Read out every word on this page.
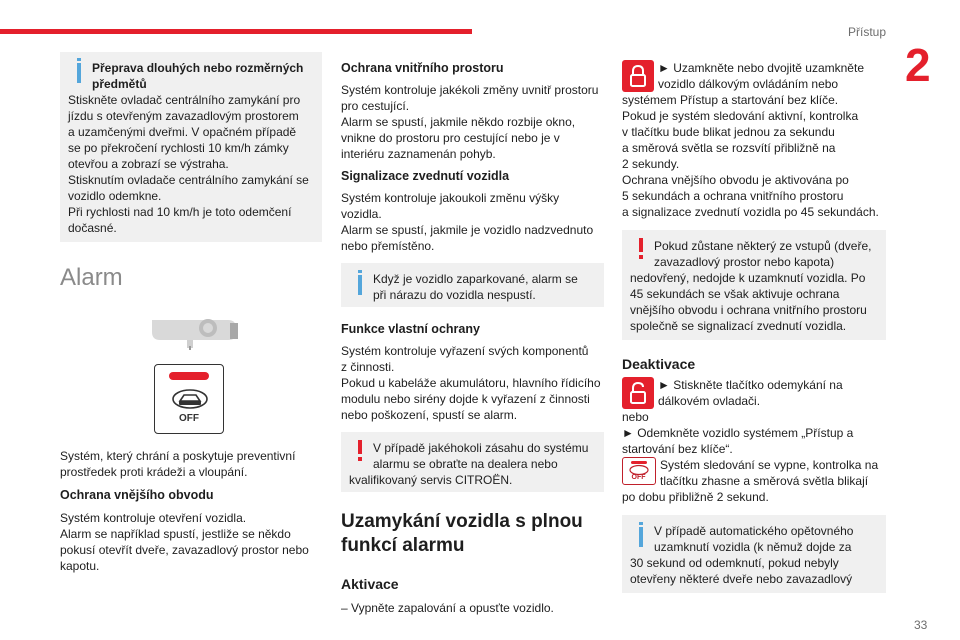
Přístup
2
33
Přeprava dlouhých nebo rozměrných předmětů

Stiskněte ovladač centrálního zamykání pro

jízdu s otevřeným zavazadlovým prostorem

a uzamčenými dveřmi. V opačném případě

se po překročení rychlosti 10 km/h zámky

otevřou a zobrazí se výstraha.

Stisknutím ovladače centrálního zamykání se

vozidlo odemkne.

Při rychlosti nad 10 km/h je toto odemčení

dočasné.

Alarm
OFF

Systém, který chrání a poskytuje preventivní

prostředek proti krádeži a vloupání.

Ochrana vnějšího obvodu

Systém kontroluje otevření vozidla.

Alarm se například spustí, jestliže se někdo

pokusí otevřít dveře, zavazadlový prostor nebo

kapotu.

Ochrana vnitřního prostoru

Systém kontroluje jakékoli změny uvnitř prostoru

pro cestující.

Alarm se spustí, jakmile někdo rozbije okno,

vnikne do prostoru pro cestující nebo je v

interiéru zaznamenán pohyb.

Signalizace zvednutí vozidla

Systém kontroluje jakoukoli změnu výšky

vozidla.

Alarm se spustí, jakmile je vozidlo nadzvednuto

nebo přemístěno.

Když je vozidlo zaparkované, alarm se

při nárazu do vozidla nespustí.

Funkce vlastní ochrany

Systém kontroluje vyřazení svých komponentů

z činnosti.

Pokud u kabeláže akumulátoru, hlavního řídicího

modulu nebo sirény dojde k vyřazení z činnosti

nebo poškození, spustí se alarm.

V případě jakéhokoli zásahu do systému

alarmu se obraťte na dealera nebo

kvalifikovaný servis CITROËN.

Uzamykání vozidla s plnou
funkcí alarmu
Aktivace

– Vypněte zapalování a opusťte vozidlo.

► Uzamkněte nebo dvojitě uzamkněte

vozidlo dálkovým ovládáním nebo

systémem Přístup a startování bez klíče.

Pokud je systém sledování aktivní, kontrolka

v tlačítku bude blikat jednou za sekundu

a směrová světla se rozsvítí přibližně na

2 sekundy.

Ochrana vnějšího obvodu je aktivována po

5 sekundách a ochrana vnitřního prostoru

a signalizace zvednutí vozidla po 45 sekundách.

Pokud zůstane některý ze vstupů (dveře,

zavazadlový prostor nebo kapota)

nedovřený, nedojde k uzamknutí vozidla. Po

45 sekundách se však aktivuje ochrana

vnějšího obvodu i ochrana vnitřního prostoru

společně se signalizací zvednutí vozidla.

Deaktivace

► Stiskněte tlačítko odemykání na

dálkovém ovladači.

nebo

► Odemkněte vozidlo systémem „Přístup a

startování bez klíče“.

OFF

Systém sledování se vypne, kontrolka na

tlačítku zhasne a směrová světla blikají

po dobu přibližně 2 sekund.

V případě automatického opětovného

uzamknutí vozidla (k němuž dojde za

30 sekund od odemknutí, pokud nebyly

otevřeny některé dveře nebo zavazadlový
